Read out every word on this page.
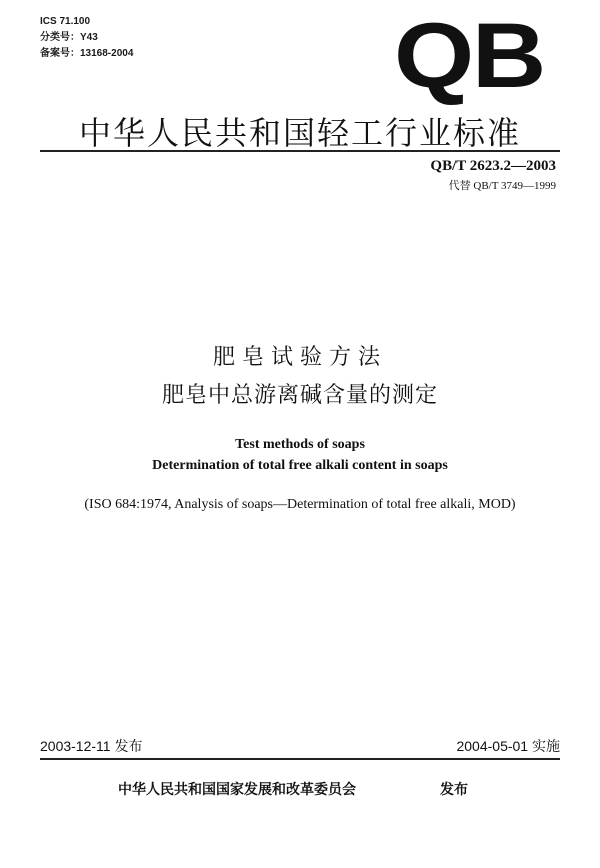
ICS 71.100
分类号：Y43
备案号：13168-2004	QB
中华人民共和国轻工行业标准
QB/T 2623.2—2003
代替 QB/T 3749—1999
肥皂试验方法
肥皂中总游离碱含量的测定
Test methods of soaps
Determination of total free alkali content in soaps
(ISO 684:1974, Analysis of soaps—Determination of total free alkali, MOD)
2003-12-11 发布	2004-05-01 实施
中华人民共和国国家发展和改革委员会	发布
